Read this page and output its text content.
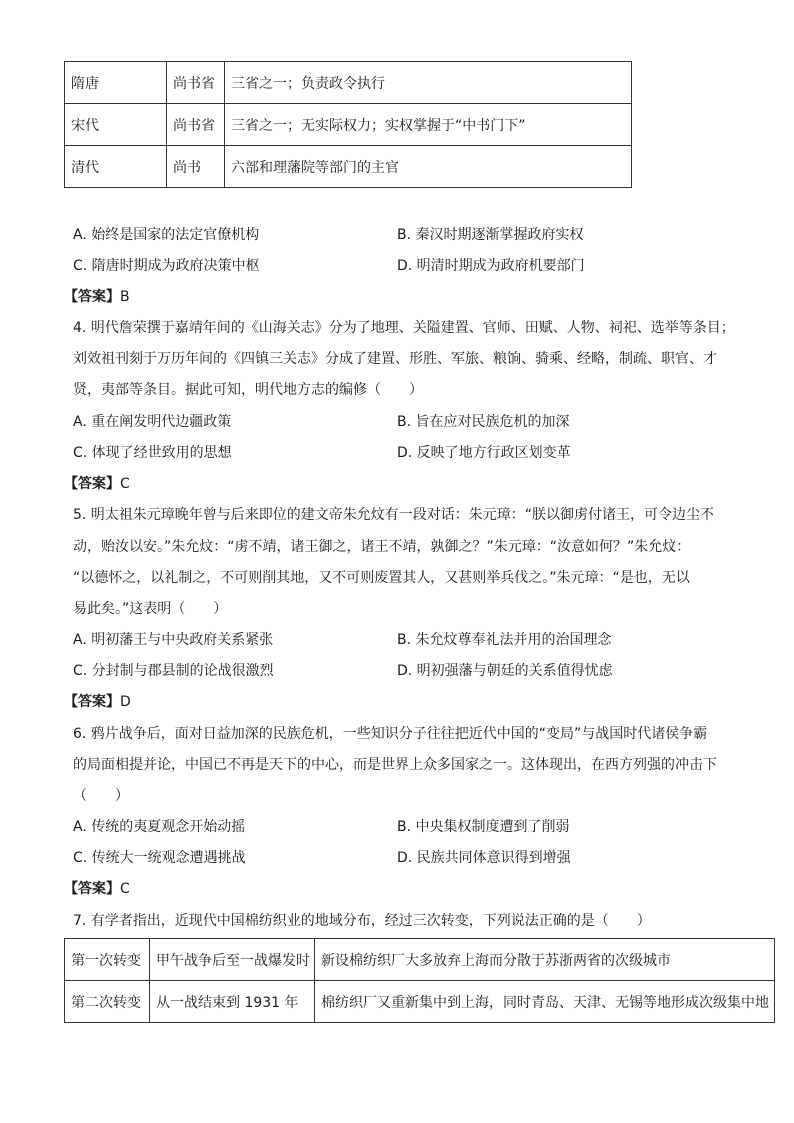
隋唐	尚书省	三省之一；负责政令执行
宋代	尚书省	三省之一；无实际权力；实权掌握于“中书门下”
清代	尚书	六部和理藩院等部门的主官
A. 始终是国家的法定官僚机构	B. 秦汉时期逐渐掌握政府实权
C. 隋唐时期成为政府决策中枢	D. 明清时期成为政府机要部门
【答案】B
4. 明代詹荣撰于嘉靖年间的《山海关志》分为了地理、关隘建置、官师、田赋、人物、祠祀、选举等条目；
刘效祖刊刻于万历年间的《四镇三关志》分成了建置、形胜、军旅、粮饷、骑乘、经略，制疏、职官、才
贤，夷部等条目。据此可知，明代地方志的编修（　　）
A. 重在阐发明代边疆政策	B. 旨在应对民族危机的加深
C. 体现了经世致用的思想	D. 反映了地方行政区划变革
【答案】C
5. 明太祖朱元璋晚年曾与后来即位的建文帝朱允炆有一段对话：朱元璋：“朕以御虏付诸王，可令边尘不
动，贻汝以安。”朱允炆：“虏不靖，诸王御之，诸王不靖，孰御之？”朱元璋：“汝意如何？”朱允炆：
“以德怀之，以礼制之，不可则削其地，又不可则废置其人，又甚则举兵伐之。”朱元璋：“是也，无以
易此矣。”这表明（　　）
A. 明初藩王与中央政府关系紧张	B. 朱允炆尊奉礼法并用的治国理念
C. 分封制与郡县制的论战很激烈	D. 明初强藩与朝廷的关系值得忧虑
【答案】D
6. 鸦片战争后，面对日益加深的民族危机，一些知识分子往往把近代中国的“变局”与战国时代诸侯争霸
的局面相提并论，中国已不再是天下的中心，而是世界上众多国家之一。这体现出，在西方列强的冲击下
（　　）
A. 传统的夷夏观念开始动摇	B. 中央集权制度遭到了削弱
C. 传统大一统观念遭遇挑战	D. 民族共同体意识得到增强
【答案】C
7. 有学者指出，近现代中国棉纺织业的地域分布，经过三次转变，下列说法正确的是（　　）
第一次转变	甲午战争后至一战爆发时	新设棉纺织厂大多放弃上海而分散于苏浙两省的次级城市
第二次转变	从一战结束到 1931 年	棉纺织厂又重新集中到上海，同时青岛、天津、无锡等地形成次级集中地
